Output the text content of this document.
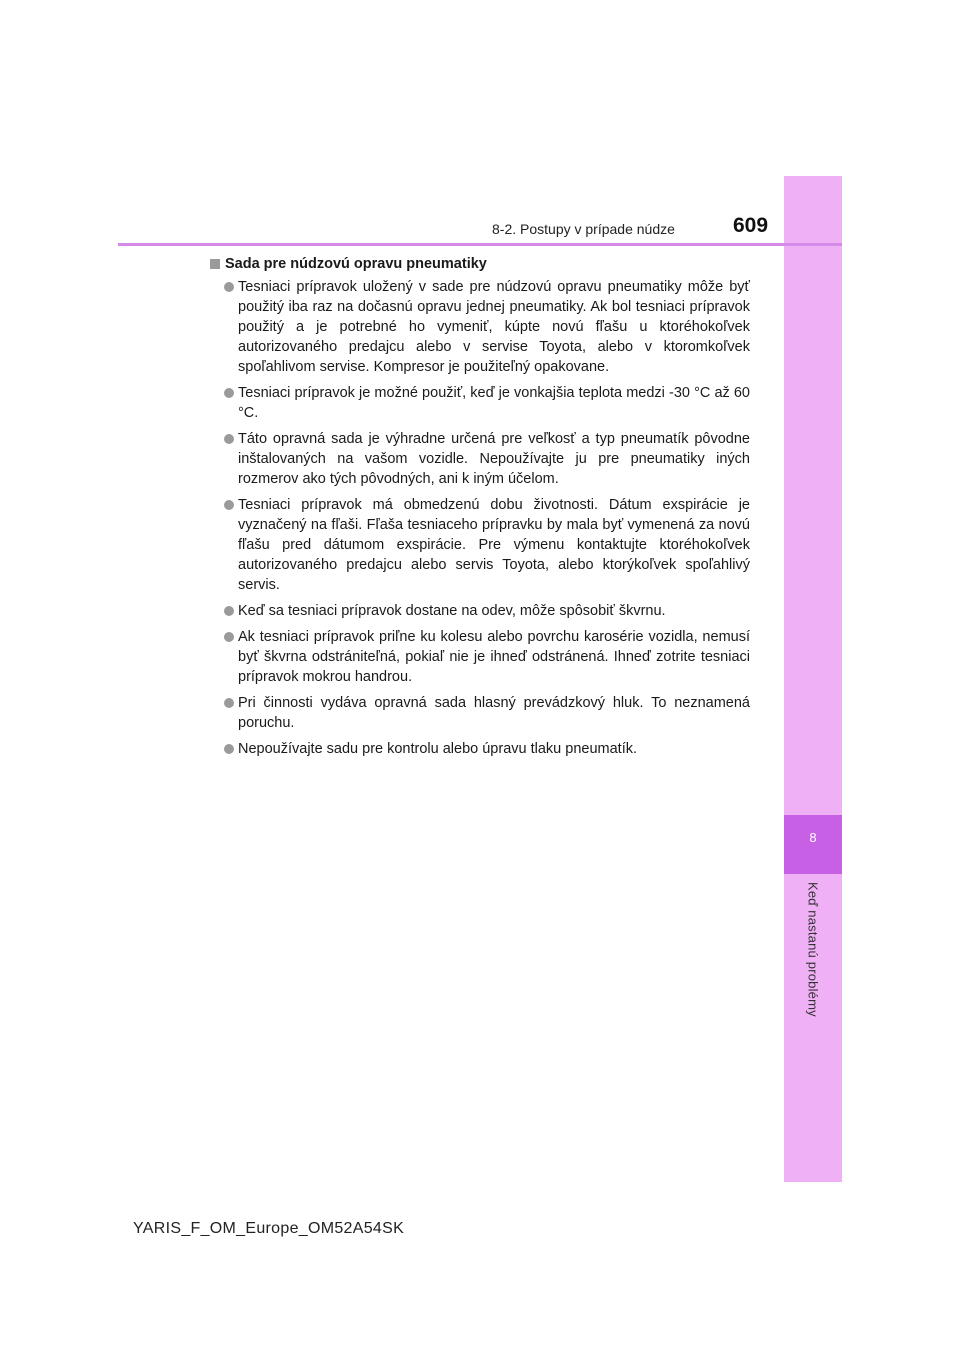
8
Keď nastanú problémy
8-2. Postupy v prípade núdze	609
Sada pre núdzovú opravu pneumatiky
Tesniaci prípravok uložený v sade pre núdzovú opravu pneumatiky môže byť použitý iba raz na dočasnú opravu jednej pneumatiky. Ak bol tesniaci prípravok použitý a je potrebné ho vymeniť, kúpte novú fľašu u ktoréhokoľvek autorizovaného predajcu alebo v servise Toyota, alebo v ktoromkoľvek spoľahlivom servise. Kompresor je použiteľný opakovane.
Tesniaci prípravok je možné použiť, keď je vonkajšia teplota medzi -30 °C až 60 °C.
Táto opravná sada je výhradne určená pre veľkosť a typ pneumatík pôvodne inštalovaných na vašom vozidle. Nepoužívajte ju pre pneumatiky iných rozmerov ako tých pôvodných, ani k iným účelom.
Tesniaci prípravok má obmedzenú dobu životnosti. Dátum exspirácie je vyznačený na fľaši. Fľaša tesniaceho prípravku by mala byť vymenená za novú fľašu pred dátumom exspirácie. Pre výmenu kontaktujte ktoréhokoľvek autorizovaného predajcu alebo servis Toyota, alebo ktorýkoľvek spoľahlivý servis.
Keď sa tesniaci prípravok dostane na odev, môže spôsobiť škvrnu.
Ak tesniaci prípravok priľne ku kolesu alebo povrchu karosérie vozidla, nemusí byť škvrna odstrániteľná, pokiaľ nie je ihneď odstránená. Ihneď zotrite tesniaci prípravok mokrou handrou.
Pri činnosti vydáva opravná sada hlasný prevádzkový hluk. To neznamená poruchu.
Nepoužívajte sadu pre kontrolu alebo úpravu tlaku pneumatík.
YARIS_F_OM_Europe_OM52A54SK
